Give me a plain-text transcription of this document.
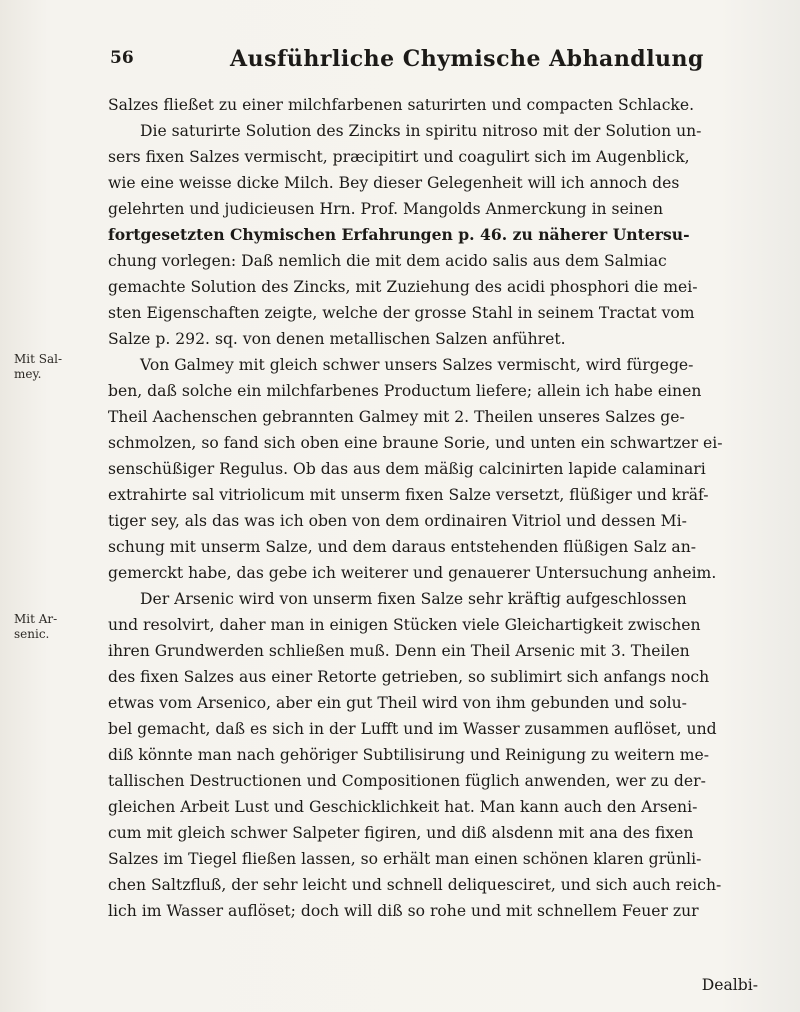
56	Ausführliche Chymische Abhandlung
Mit Sal-
mey.
Mit Ar-
senic.
Salzes fließet zu einer milchfarbenen saturirten und compacten Schlacke.
Die saturirte Solution des Zincks in spiritu nitroso mit der Solution un-
sers fixen Salzes vermischt, præcipitirt und coagulirt sich im Augenblick,
wie eine weisse dicke Milch. Bey dieser Gelegenheit will ich annoch des
gelehrten und judicieusen Hrn. Prof. Mangolds Anmerckung in seinen
fortgesetzten Chymischen Erfahrungen p. 46. zu näherer Untersu-
chung vorlegen: Daß nemlich die mit dem acido salis aus dem Salmiac
gemachte Solution des Zincks, mit Zuziehung des acidi phosphori die mei-
sten Eigenschaften zeigte, welche der grosse Stahl in seinem Tractat vom
Salze p. 292. sq. von denen metallischen Salzen anführet.
Von Galmey mit gleich schwer unsers Salzes vermischt, wird fürgege-
ben, daß solche ein milchfarbenes Productum liefere; allein ich habe einen
Theil Aachenschen gebrannten Galmey mit 2. Theilen unseres Salzes ge-
schmolzen, so fand sich oben eine braune Sorie, und unten ein schwartzer ei-
senschüßiger Regulus. Ob das aus dem mäßig calcinirten lapide calaminari
extrahirte sal vitriolicum mit unserm fixen Salze versetzt, flüßiger und kräf-
tiger sey, als das was ich oben von dem ordinairen Vitriol und dessen Mi-
schung mit unserm Salze, und dem daraus entstehenden flüßigen Salz an-
gemerckt habe, das gebe ich weiterer und genauerer Untersuchung anheim.
Der Arsenic wird von unserm fixen Salze sehr kräftig aufgeschlossen
und resolvirt, daher man in einigen Stücken viele Gleichartigkeit zwischen
ihren Grundwerden schließen muß. Denn ein Theil Arsenic mit 3. Theilen
des fixen Salzes aus einer Retorte getrieben, so sublimirt sich anfangs noch
etwas vom Arsenico, aber ein gut Theil wird von ihm gebunden und solu-
bel gemacht, daß es sich in der Lufft und im Wasser zusammen auflöset, und
diß könnte man nach gehöriger Subtilisirung und Reinigung zu weitern me-
tallischen Destructionen und Compositionen füglich anwenden, wer zu der-
gleichen Arbeit Lust und Geschicklichkeit hat. Man kann auch den Arseni-
cum mit gleich schwer Salpeter figiren, und diß alsdenn mit ana des fixen
Salzes im Tiegel fließen lassen, so erhält man einen schönen klaren grünli-
chen Saltzfluß, der sehr leicht und schnell deliquesciret, und sich auch reich-
lich im Wasser auflöset; doch will diß so rohe und mit schnellem Feuer zur
Dealbi-
